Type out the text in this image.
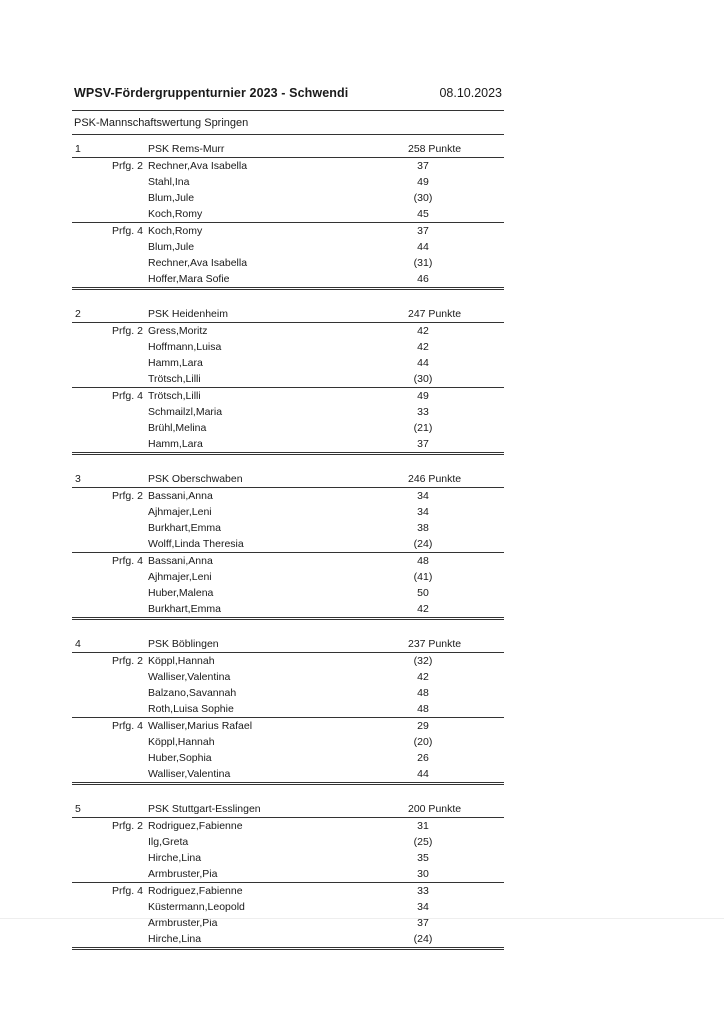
WPSV-Fördergruppenturnier 2023 - Schwendi	08.10.2023
PSK-Mannschaftswertung Springen
1	PSK Rems-Murr	258 Punkte
Prfg. 2 Rechner,Ava Isabella	37
Stahl,Ina	49
Blum,Jule	(30)
Koch,Romy	45
Prfg. 4 Koch,Romy	37
Blum,Jule	44
Rechner,Ava Isabella	(31)
Hoffer,Mara Sofie	46
2	PSK Heidenheim	247 Punkte
Prfg. 2 Gress,Moritz	42
Hoffmann,Luisa	42
Hamm,Lara	44
Trötsch,Lilli	(30)
Prfg. 4 Trötsch,Lilli	49
Schmailzl,Maria	33
Brühl,Melina	(21)
Hamm,Lara	37
3	PSK Oberschwaben	246 Punkte
Prfg. 2 Bassani,Anna	34
Ajhmajer,Leni	34
Burkhart,Emma	38
Wolff,Linda Theresia	(24)
Prfg. 4 Bassani,Anna	48
Ajhmajer,Leni	(41)
Huber,Malena	50
Burkhart,Emma	42
4	PSK Böblingen	237 Punkte
Prfg. 2 Köppl,Hannah	(32)
Walliser,Valentina	42
Balzano,Savannah	48
Roth,Luisa Sophie	48
Prfg. 4 Walliser,Marius Rafael	29
Köppl,Hannah	(20)
Huber,Sophia	26
Walliser,Valentina	44
5	PSK Stuttgart-Esslingen	200 Punkte
Prfg. 2 Rodriguez,Fabienne	31
Ilg,Greta	(25)
Hirche,Lina	35
Armbruster,Pia	30
Prfg. 4 Rodriguez,Fabienne	33
Küstermann,Leopold	34
Armbruster,Pia	37
Hirche,Lina	(24)
